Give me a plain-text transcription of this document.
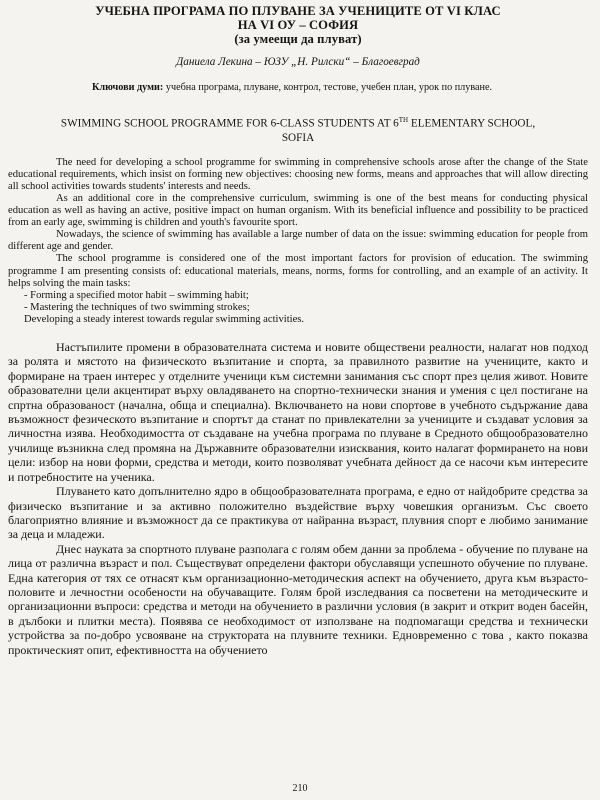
УЧЕБНА ПРОГРАМА ПО ПЛУВАНЕ ЗА УЧЕНИЦИТЕ ОТ VI КЛАС

НА VI ОУ – СОФИЯ

(за умеещи да плуват)

Даниела Лекина – ЮЗУ „Н. Рилски“ – Благоевград

Ключови думи: учебна програма, плуване, контрол, тестове, учебен план, урок по плуване.

SWIMMING SCHOOL PROGRAMME FOR 6-CLASS STUDENTS AT 6TH ELEMENTARY SCHOOL,
SOFIA

The need for developing a school programme for swimming in comprehensive schools arose after the change of the State educational requirements, which insist on forming new objectives: choosing new forms, means and approaches that will allow directing all school activities towards students' interests and needs.

As an additional core in the comprehensive curriculum, swimming is one of the best means for conducting physical education as well as having an active, positive impact on human organism. With its beneficial influence and possibility to be practiced from an early age, swimming is children and youth's favourite sport.

Nowadays, the science of swimming has available a large number of data on the issue: swimming education for people from different age and gender.

The school programme is considered one of the most important factors for provision of education. The swimming programme I am presenting consists of: educational materials, means, norms, forms for controlling, and an example of an activity. It helps solving the main tasks:

- Forming a specified motor habit – swimming habit;

- Mastering the techniques of two swimming strokes;

Developing a steady interest towards regular swimming activities.

Настъпилите промени в образователната система и новите обществени реалности, налагат нов подход за ролята и мястото на физическото възпитание и спорта, за правилното развитие на учениците, както и формиране на траен интерес у отделните ученици към системни занимания със спорт през целия живот. Новите образователни цели акцентират върху овладяването на спортно-технически знания и умения с цел постигане на спртна образованост (начална, обща и специална). Включването на нови спортове в учебното съдържание дава възможност фезическото възпитание и спортът да станат по привлекателни за учениците и създават условия за личностна изява. Необходимостта от създаване на учебна програма по плуване в Средното общообразователно училище възникна след промяна на Държавните образователни изисквания, които налагат формирането на нови цели: избор на нови форми, средства и методи, които позволяват учебната дейност да се насочи към интересите и потребностите на ученика.

Плуването като допълнително ядро в общообразователната програма, е едно от найдобрите средства за физическо възпитание и за активно положително въздействие върху човешкия организъм. Със своето благоприятно влияние и възможност да се практикува от найранна възраст, плувния спорт е любимо занимание за деца и младежи.

Днес науката за спортното плуване разполага с голям обем данни за проблема - обучение по плуване на лица от различна възраст и пол. Съществуват определени фактори обуславящи успешното обучение по плуване. Една категория от тях се отнасят към организационно-методическия аспект на обучението, друга към възрасто-половите и лечностни особености на обучаващите. Голям брой изследвания са посветени на методическите и организационни въпроси: средства и методи на обучението в различни условия (в закрит и открит воден басейн, в дълбоки и плитки места). Появява се необходимост от използване на подпомагащи средства и технически устройства за по-добро усвояване на структората на плувните техники. Едновременно с това , както показва проктическият опит, ефективността на обучението

210
